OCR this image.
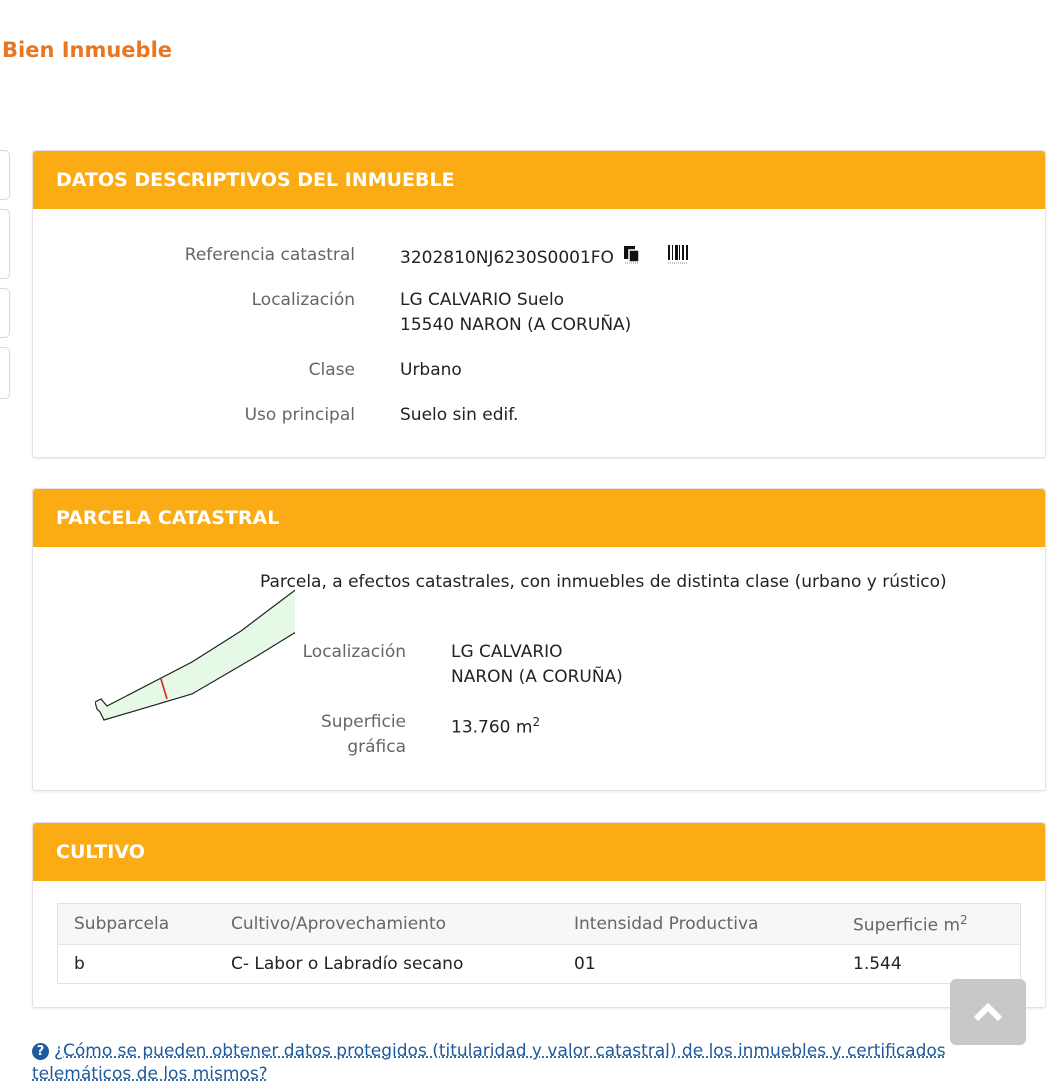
Bien Inmueble
DATOS DESCRIPTIVOS DEL INMUEBLE
Referencia catastral	3202810NJ6230S0001FO
Localización	LG CALVARIO Suelo
15540 NARON (A CORUÑA)
Clase	Urbano
Uso principal	Suelo sin edif.
PARCELA CATASTRAL
Parcela, a efectos catastrales, con inmuebles de distinta clase (urbano y rústico)
Localización	LG CALVARIO
NARON (A CORUÑA)
Superficie
gráfica
13.760 $m^2$
CULTIVO
Subparcela	Cultivo/Aprovechamiento	Intensidad Productiva	Superficie $m^2$
b	C- Labor o Labradío secano	01	1.544
? ¿Cómo se pueden obtener datos protegidos (titularidad y valor catastral) de los inmuebles y certificados telemáticos de los mismos?
